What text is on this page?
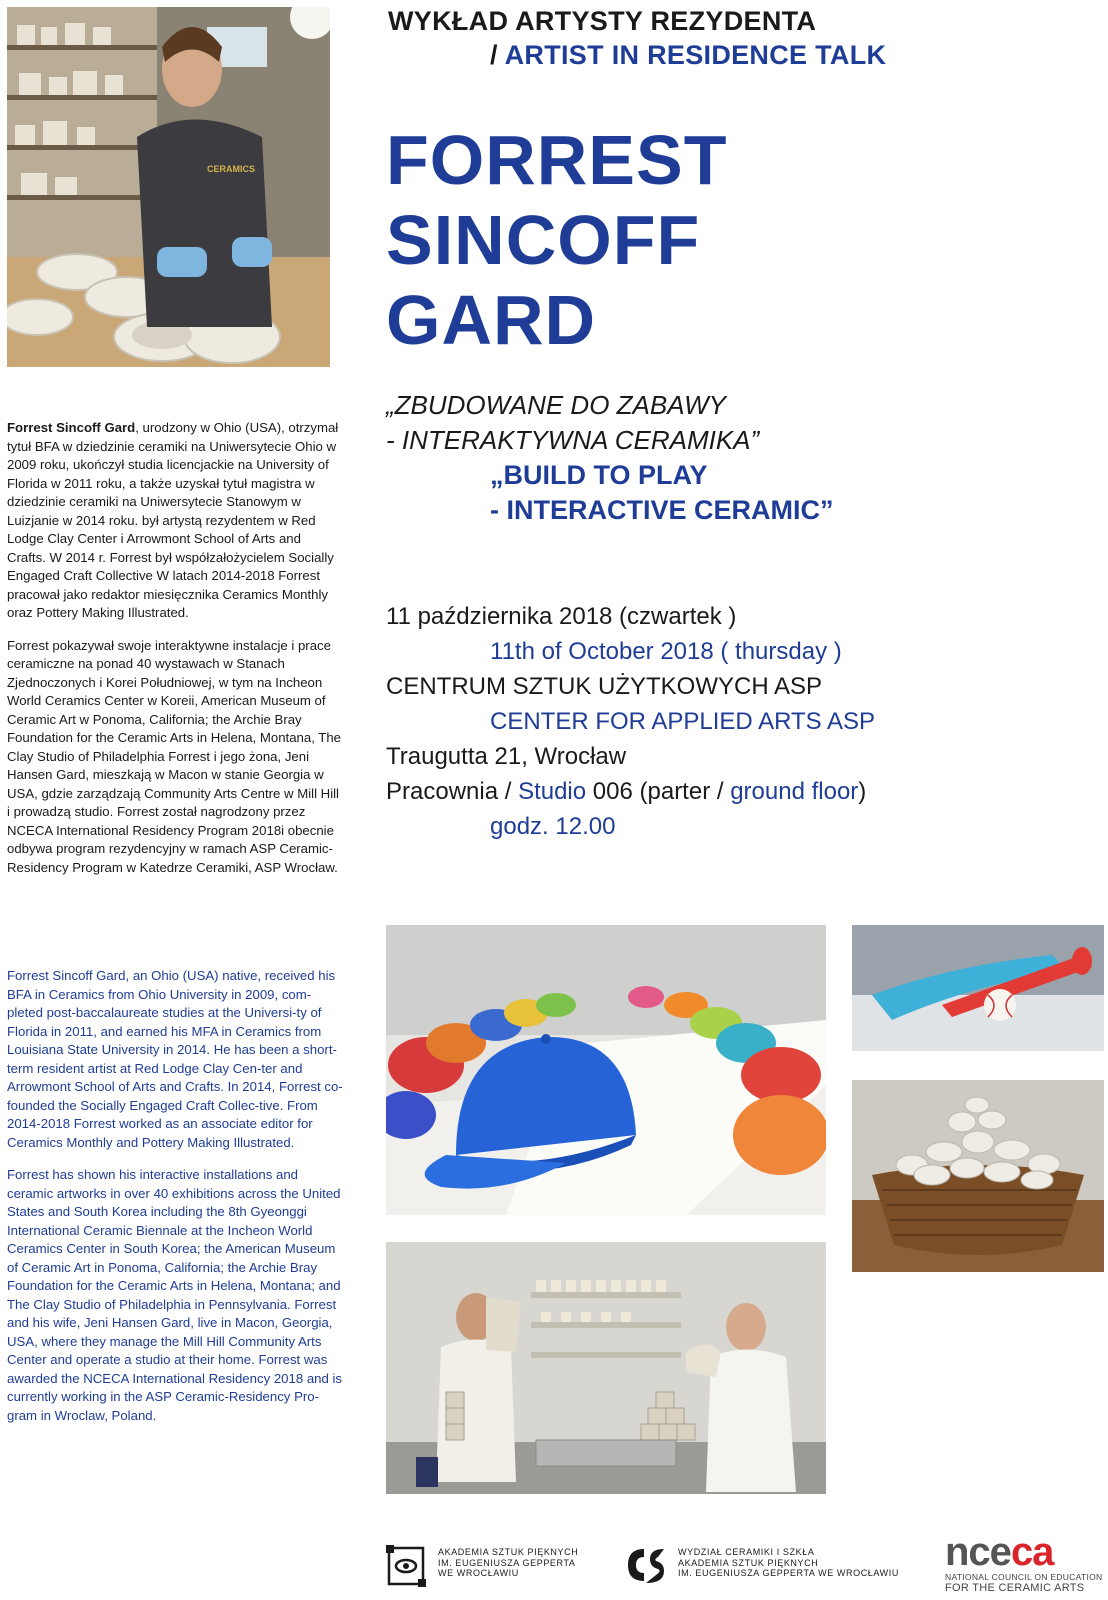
CERAMICS
WYKŁAD ARTYSTY REZYDENTA
/ ARTIST IN RESIDENCE TALK
FORREST
SINCOFF
GARD
„ZBUDOWANE DO ZABAWY
- INTERAKTYWNA CERAMIKA”
„BUILD TO PLAY
- INTERACTIVE CERAMIC”
11 października 2018 (czwartek )
11th of October 2018 ( thursday )
CENTRUM SZTUK UŻYTKOWYCH ASP
CENTER FOR APPLIED ARTS ASP
Traugutta 21, Wrocław
Pracownia / Studio 006 (parter / ground floor)
godz. 12.00

Forrest Sincoff Gard, urodzony w Ohio (USA), otrzymał tytuł BFA w dziedzinie ceramiki na Uniwersytecie Ohio w 2009 roku, ukończył studia licencjackie na University of Florida w 2011 roku, a także uzyskał tytuł magistra w dziedzinie ceramiki na Uniwersytecie Stanowym w Luizjanie w 2014 roku. był artystą rezydentem w Red Lodge Clay Center i Arrowmont School of Arts and Crafts. W 2014 r. Forrest był współzałożycielem Socially Engaged Craft Collective W latach 2014-2018 Forrest pracował jako redaktor miesięcznika Ceramics Monthly oraz Pottery Making Illustrated.

Forrest pokazywał swoje interaktywne instalacje i prace ceramiczne na ponad 40 wystawach w Stanach Zjednoczonych i Korei Południowej, w tym na Incheon World Ceramics Center w Koreii, American Museum of Ceramic Art w Ponoma, California; the Archie Bray Foundation for the Ceramic Arts in Helena, Montana, The Clay Studio of Philadelphia Forrest i jego żona, Jeni Hansen Gard, mieszkają w Macon w stanie Georgia w USA, gdzie zarządzają Community Arts Centre w Mill Hill i prowadzą studio. Forrest został nagrodzony przez NCECA International Residency Program 2018i obecnie odbywa program rezydencyjny w ramach ASP Ceramic-Residency Program w Katedrze Ceramiki, ASP Wrocław.

Forrest Sincoff Gard, an Ohio (USA) native, received his BFA in Ceramics from Ohio University in 2009, com-pleted post-baccalaureate studies at the Universi-ty of Florida in 2011, and earned his MFA in Ceramics from Louisiana State University in 2014. He has been a short-term resident artist at Red Lodge Clay Cen-ter and Arrowmont School of Arts and Crafts. In 2014, Forrest co-founded the Socially Engaged Craft Collec-tive. From 2014-2018 Forrest worked as an associate editor for Ceramics Monthly and Pottery Making Illustrated.

Forrest has shown his interactive installations and ceramic artworks in over 40 exhibitions across the United States and South Korea including the 8th Gyeonggi International Ceramic Biennale at the Incheon World Ceramics Center in South Korea; the American Museum of Ceramic Art in Ponoma, California; the Archie Bray Foundation for the Ceramic Arts in Helena, Montana; and The Clay Studio of Philadelphia in Pennsylvania. Forrest and his wife, Jeni Hansen Gard, live in Macon, Georgia, USA, where they manage the Mill Hill Community Arts Center and operate a studio at their home. Forrest was awarded the NCECA International Residency 2018 and is currently working in the ASP Ceramic-Residency Pro-gram in Wroclaw, Poland.

AKADEMIA SZTUK PIĘKNYCH
IM. EUGENIUSZA GEPPERTA
WE WROCŁAWIU
WYDZIAŁ CERAMIKI I SZKŁA
AKADEMIA SZTUK PIĘKNYCH
IM. EUGENIUSZA GEPPERTA WE WROCŁAWIU nceca
NATIONAL COUNCIL ON EDUCATION
FOR THE CERAMIC ARTS
